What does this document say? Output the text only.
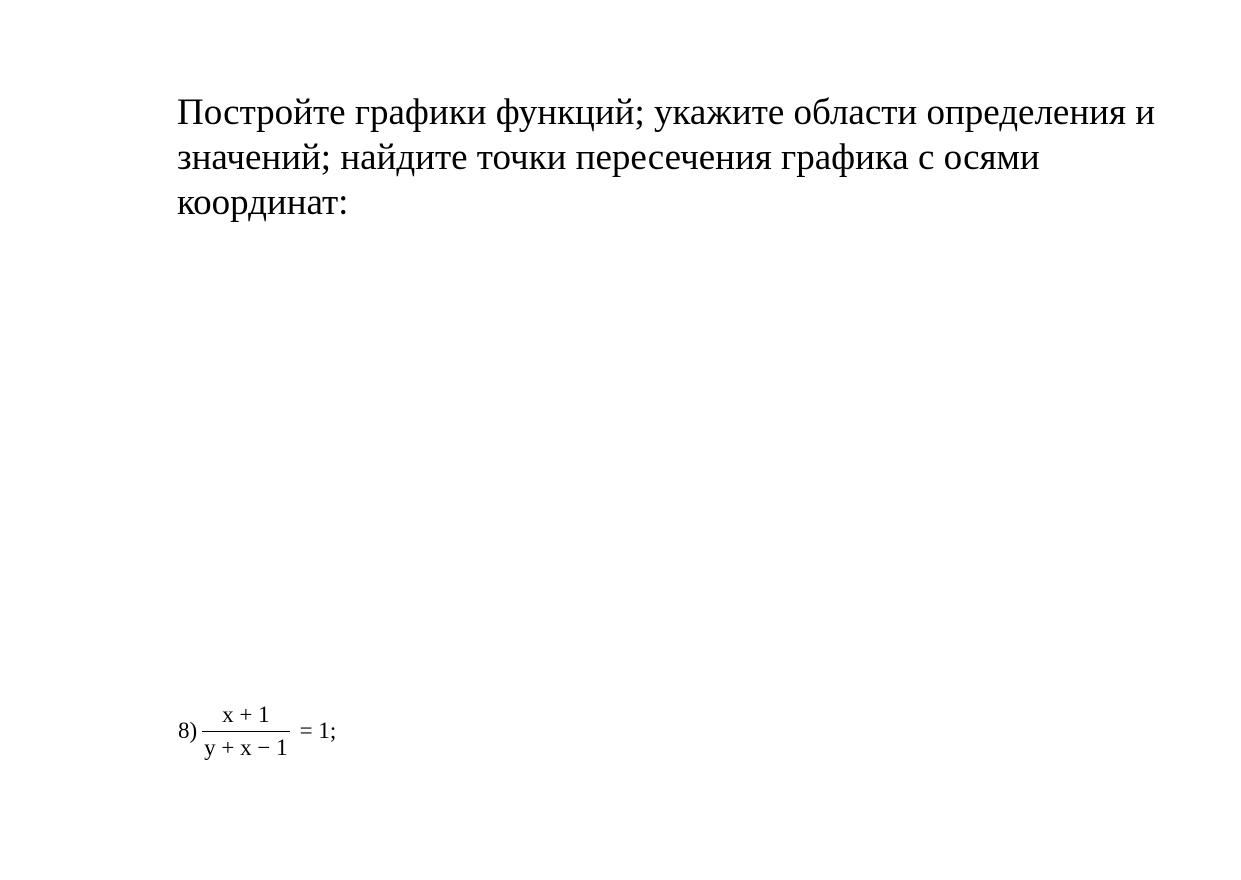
Постройте графики функций; укажите области определения и значений; найдите точки пересечения графика с осями координат:

$8) \frac{x + 1}{y + x - 1} = 1$;
